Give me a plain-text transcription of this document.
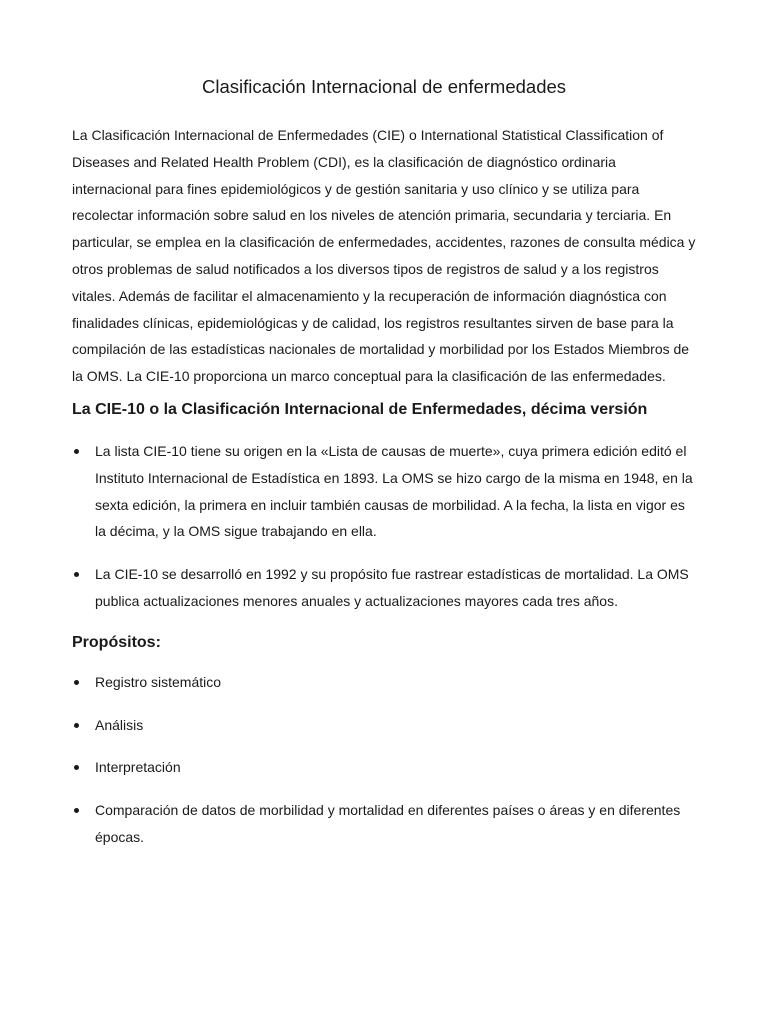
Clasificación Internacional de enfermedades

La Clasificación Internacional de Enfermedades (CIE) o International Statistical Classification of Diseases and Related Health Problem (CDI), es la clasificación de diagnóstico ordinaria internacional para fines epidemiológicos y de gestión sanitaria y uso clínico y se utiliza para recolectar información sobre salud en los niveles de atención primaria, secundaria y terciaria. En particular, se emplea en la clasificación de enfermedades, accidentes, razones de consulta médica y otros problemas de salud notificados a los diversos tipos de registros de salud y a los registros vitales. Además de facilitar el almacenamiento y la recuperación de información diagnóstica con finalidades clínicas, epidemiológicas y de calidad, los registros resultantes sirven de base para la compilación de las estadísticas nacionales de mortalidad y morbilidad por los Estados Miembros de la OMS. La CIE-10 proporciona un marco conceptual para la clasificación de las enfermedades.

La CIE-10 o la Clasificación Internacional de Enfermedades, décima versión
La lista CIE-10 tiene su origen en la «Lista de causas de muerte», cuya primera edición editó el Instituto Internacional de Estadística en 1893. La OMS se hizo cargo de la misma en 1948, en la sexta edición, la primera en incluir también causas de morbilidad. A la fecha, la lista en vigor es la décima, y la OMS sigue trabajando en ella.
La CIE-10 se desarrolló en 1992 y su propósito fue rastrear estadísticas de mortalidad. La OMS publica actualizaciones menores anuales y actualizaciones mayores cada tres años.
Propósitos:
Registro sistemático
Análisis
Interpretación
Comparación de datos de morbilidad y mortalidad en diferentes países o áreas y en diferentes épocas.
